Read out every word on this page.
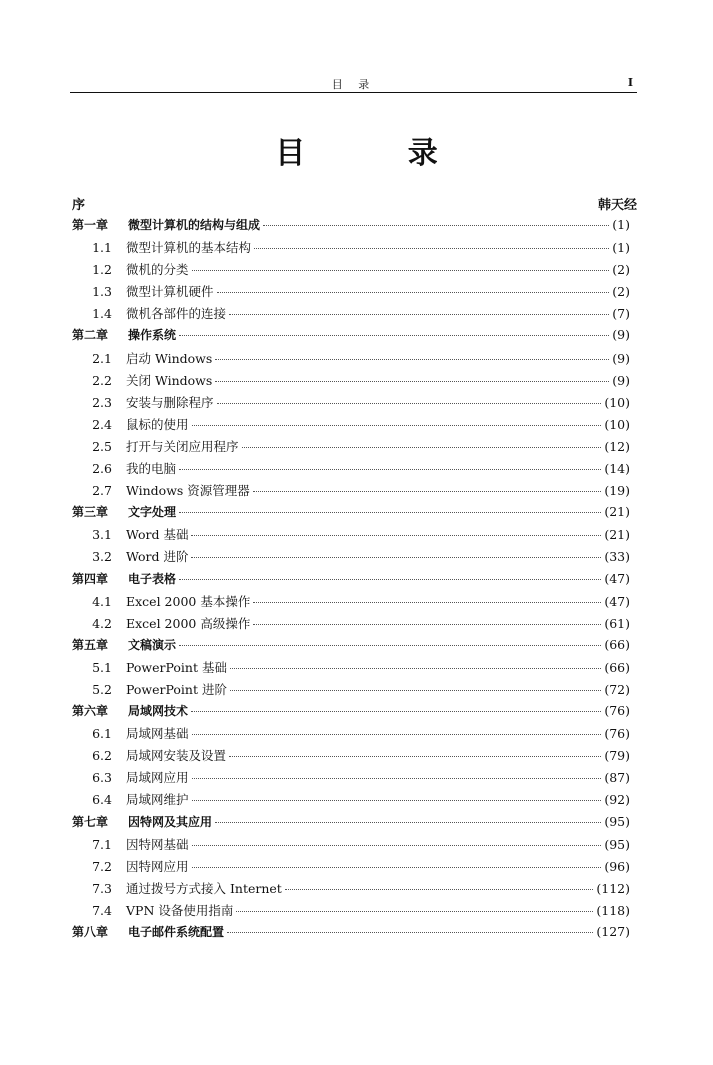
目 录	I
目 录
序	韩天经
第一章	微型计算机的结构与组成	(1)
1.1	微型计算机的基本结构	(1)
1.2	微机的分类	(2)
1.3	微型计算机硬件	(2)
1.4	微机各部件的连接	(7)
第二章	操作系统	(9)
2.1	启动 Windows	(9)
2.2	关闭 Windows	(9)
2.3	安装与删除程序	(10)
2.4	鼠标的使用	(10)
2.5	打开与关闭应用程序	(12)
2.6	我的电脑	(14)
2.7	Windows 资源管理器	(19)
第三章	文字处理	(21)
3.1	Word 基础	(21)
3.2	Word 进阶	(33)
第四章	电子表格	(47)
4.1	Excel 2000 基本操作	(47)
4.2	Excel 2000 高级操作	(61)
第五章	文稿演示	(66)
5.1	PowerPoint 基础	(66)
5.2	PowerPoint 进阶	(72)
第六章	局域网技术	(76)
6.1	局域网基础	(76)
6.2	局域网安装及设置	(79)
6.3	局域网应用	(87)
6.4	局域网维护	(92)
第七章	因特网及其应用	(95)
7.1	因特网基础	(95)
7.2	因特网应用	(96)
7.3	通过拨号方式接入 Internet	(112)
7.4	VPN 设备使用指南	(118)
第八章	电子邮件系统配置	(127)
